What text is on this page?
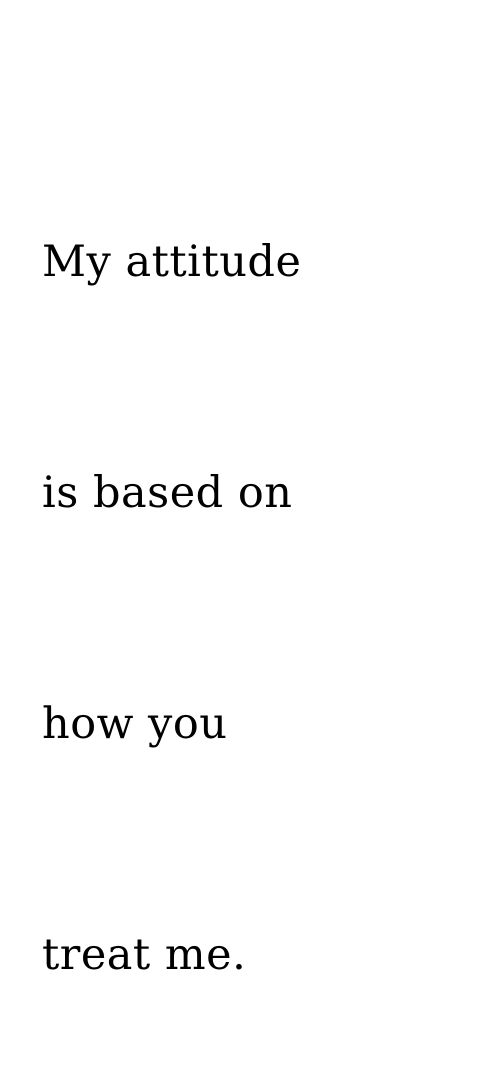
My attitude

is based on

how you

treat me.
